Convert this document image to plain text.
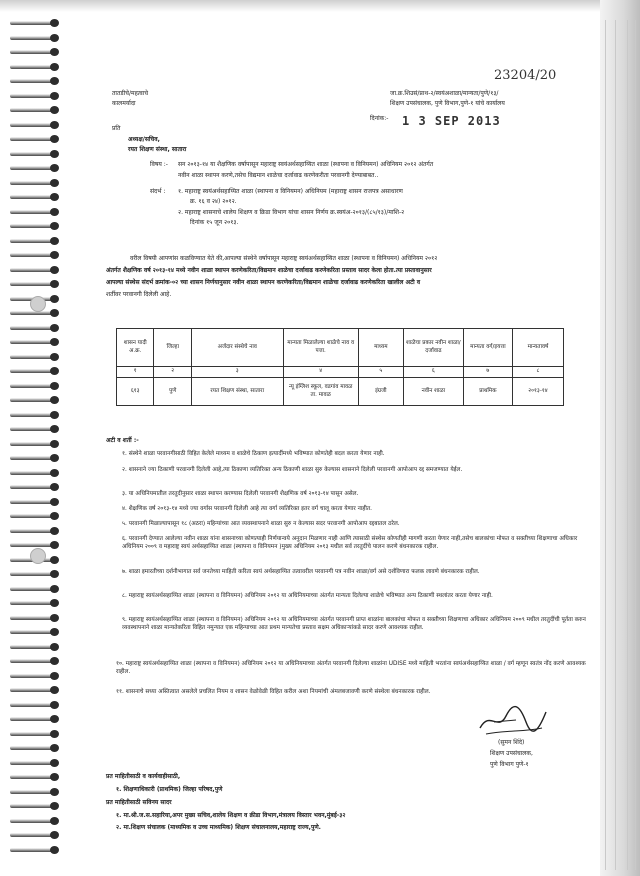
23204/20
तातडीचे/महत्वाचे
कालमर्यादा
जा.क्र.शिउसं/प्राथ-२/स्वयंअशाळा/मान्यता/पुणे/१३/
शिक्षण उपसंचालक, पुणे विभाग,पुणे-१ यांचे कार्यालय
दिनांक:- 1 3 SEP 2013
प्रति
अध्यक्ष/सचिव,
रयत शिक्षण संस्था, सातारा
विषय :- सन २०१३-१४ या शैक्षणिक वर्षापासून महाराष्ट्र स्वयंअर्थसहाय्यित शाळा (स्थापना व विनियमन) अधिनियम २०१२ अंतर्गत
नवीन शाळा स्थापन करणे,तसेच विद्यमान शाळेचा दर्जावाढ करणेकरीता परवानगी देण्याबाबत..
संदर्भ : १. महाराष्ट्र स्वयंअर्थसहाय्यित शाळा (स्थापना व विनियमन) अधिनियम (महाराष्ट्र शासन राजपत्र असाधारण
क्र. १६ व २४) २०१२.
२. महाराष्ट्र शासनाचे शालेय शिक्षण व क्रिडा विभाग यांचा शासन निर्णय क्र.स्वयंअ-२०१३/(८५/१३)/माशि-२
दिनांक १५ जून २०१३.
वरील विषयी आपणांस कळविण्यात येते की,आपल्या संस्थेने वर्षापासून महाराष्ट्र स्वयंअर्थसहाय्यित शाळा (स्थापना व विनियमन) अधिनियम २०१२
अंतर्गत शैक्षणिक वर्ष २०१३-१४ मध्ये नवीन शाळा स्थापन करणेकरिता/विद्यमान शाळेचा दर्जावाढ करणेकरिता प्रस्ताव सादर केला होता.त्या प्रस्तावानुसार
आपल्या संस्थेस संदर्भ क्रमांक-०२ च्या शासन निर्णयानुसार नवीन शाळा स्थापन करणेकरिता/विद्यमान शाळेचा दर्जावाढ करणेकरिता खालील अटी व
शर्तीवर परवानगी दिलेली आहे.
शासन यादी अ.क्र.	जिल्हा	अर्जदार संस्थेचे नाव	मान्यता मिळालेल्या शाळेचे नाव व पत्ता.	माध्यम	शाळेचा प्रकार नवीन शाळा/दर्जावाढ	मान्यता वर्ग/इयत्ता	मान्यतावर्ष
१	२	३	४	५	६	७	८
६१३	पुणे	रयत शिक्षण संस्था, सातारा	न्यू इंग्लिश स्कूल, वडगांव मावळ ता. मावळ	इंग्रजी	नवीन शाळा	प्राथमिक	२०१३-१४
अटी व शर्ती :-
१. संस्थेने शाळा परवानगीसाठी विहित केलेले माध्यम व शाळेचे ठिकाण इत्यादींमध्ये भविष्यात कोणतेही बदल करता येणार नाही.
२. शासनाने ज्या ठिकाणी परवानगी दिलेली आहे,त्या ठिकाणा व्यतिरिक्त अन्य ठिकाणी शाळा सुरु केल्यास शासनाने दिलेली परवानगी आपोआप रद्द समजण्यात येईल.
३. या अधिनियमातील तरतुदीनुसार शाळा स्थापन करण्यास दिलेली परवानगी शैक्षणिक वर्ष २०१३-१४ पासून असेल.
४. शैक्षणिक वर्ष २०१३-१४ मध्ये ज्या वर्गास परवानगी दिलेली आहे त्या वर्गा व्यतिरिक्त इतर वर्ग चालू करता येणार नाहीत.
५. परवानगी मिळाल्यापासून १८ (अठरा) महिन्यांच्या आत व्यवस्थापनाने शाळा सुरु न केल्यास सदर परवानगी आपोआप रद्दबातल ठरेल.
६. परवानगी देण्यात आलेल्या नवीन शाळा यांना शासनाच्या कोणत्याही निर्णयान्वये अनुदान मिळणार नाही आणि त्यासाठी संस्थेस कोणतीही मागणी करता येणार नाही,तसेच बालकांचा मोफत व सक्तीच्या शिक्षणाचा अधिकार अधिनियम २००९ व महाराष्ट्र स्वयं अर्थसहाय्यित शाळा (स्थापना व विनियमन )मुख्य अधिनियम २०१३ मधील सर्व तरतुदींचे पालन करणे बंधनकारक राहील.
७. शाळा इमारतीच्या दर्शनीभागात सर्व जनतेच्या माहिती करिता स्वयं अर्थसहाय्यित तत्वावरील परवानगी पत्र नवीन शाळा/वर्ग असे दर्शविणारा फलक लावणे बंधनकारक राहील.
८. महाराष्ट्र स्वयंअर्थसहाय्यित शाळा (स्थापना व विनियमन) अधिनियम २०१२ या अधिनियमाच्या अंतर्गत मान्यता दिलेल्या शाळेचे भविष्यात अन्य ठिकाणी स्थलांतर करता येणार नाही.
९. महाराष्ट्र स्वयंअर्थसहाय्यित शाळा (स्थापना व विनियमन) अधिनियम २०१२ या अधिनियमाच्या अंतर्गत परवानगी प्राप्त शाळांना बालकांचा मोफत व सक्तीच्या शिक्षणाचा अधिकार अधिनियम २००९ मधील तरतुदींची पूर्तता करुन व्यवस्थापनाने शाळा मान्यतेकरिता विहित नमुन्यात एक महिन्याच्या आत प्रथम मान्यतेचा प्रस्ताव सक्षम अधिकाऱ्यांकडे सादर करणे आवश्यक राहील.
१०. महाराष्ट्र स्वयंअर्थसहाय्यित शाळा (स्थापना व विनियमन) अधिनियम २०१२ या अधिनियमाच्या अंतर्गत परवानगी दिलेल्या शाळांना UDISE मध्ये माहिती भरतांना स्वयंअर्थसहाय्यित शाळा / वर्ग म्हणून स्वतंत्र नोंद करणे आवश्यक राहील.
११. शासनाचे सध्या अस्तित्वात असलेले प्रचलित नियम व शासन वेळोवेळी विहित करील अशा नियमांची अंमलबजावणी करणे संस्थेला बंधनकारक राहील.
(सुमन शिंदे)
शिक्षण उपसंचालक,
पुणे विभाग पुणे-१
प्रत माहितीसाठी व कार्यवाहीसाठी,
१. शिक्षणाधिकारी (प्राथमिक) जिल्हा परिषद,पुणे
प्रत माहितीसाठी सविनय सादर
१. मा.श्री.ज.स.सहारिया,अपर मुख्य सचिव,शालेय शिक्षण व क्रीडा विभाग,मंत्रालय विस्तार भवन,मुंबई-३२
२. मा.शिक्षण संचालक (माध्यमिक व उच्च माध्यमिक) शिक्षण संचालनालय,महाराष्ट्र राज्य,पुणे.
